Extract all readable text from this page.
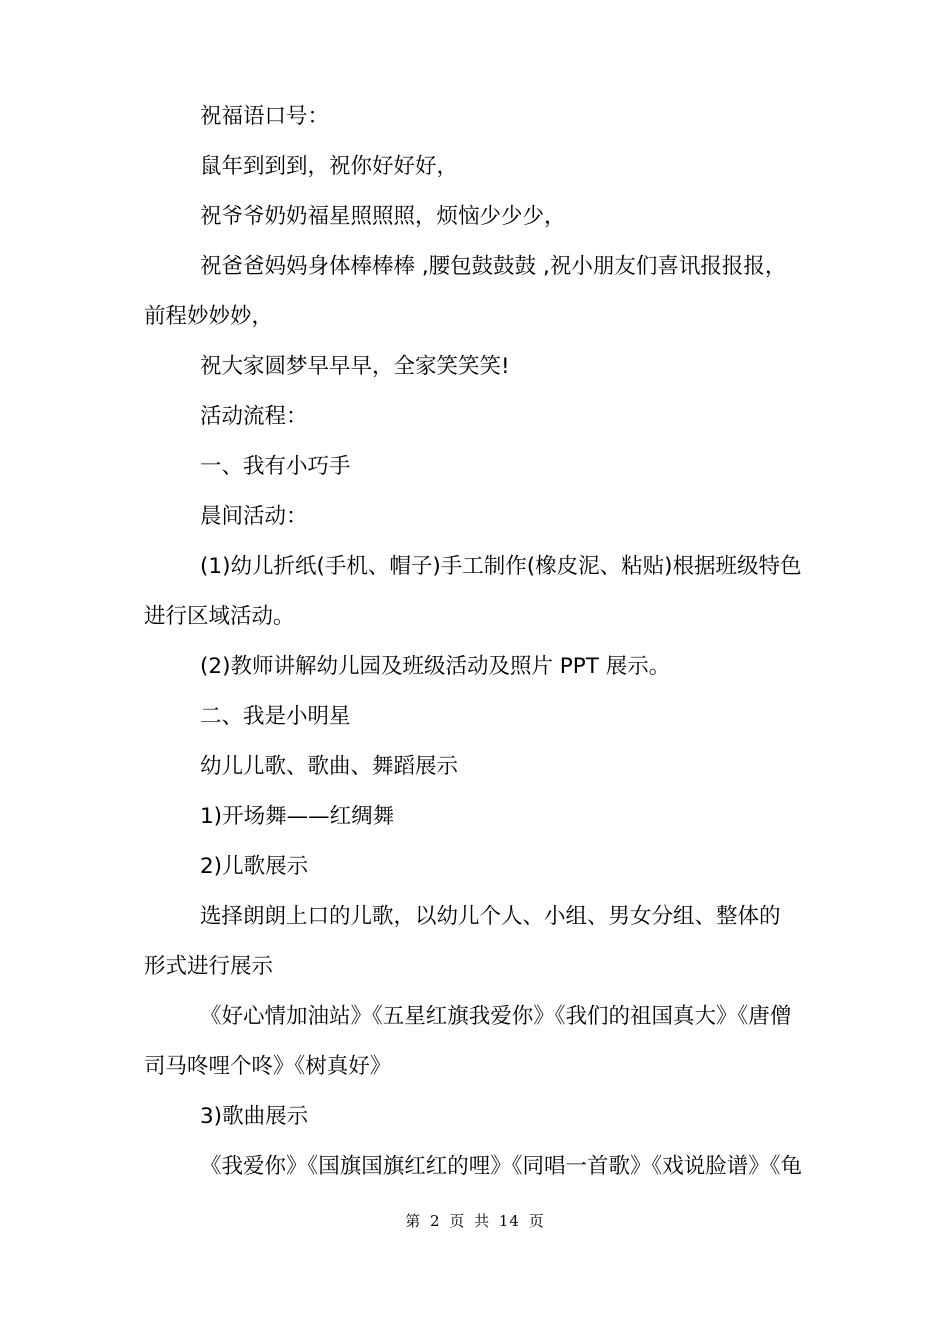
祝福语口号：
鼠年到到到，祝你好好好，
祝爷爷奶奶福星照照照，烦恼少少少，
祝爸爸妈妈身体棒棒棒 ,腰包鼓鼓鼓 ,祝小朋友们喜讯报报报，
前程妙妙妙，
祝大家圆梦早早早，全家笑笑笑!
活动流程：
一、我有小巧手
晨间活动：
(1)幼儿折纸(手机、帽子)手工制作(橡皮泥、粘贴)根据班级特色
进行区域活动。
(2)教师讲解幼儿园及班级活动及照片 PPT 展示。
二、我是小明星
幼儿儿歌、歌曲、舞蹈展示
1)开场舞——红绸舞
2)儿歌展示
选择朗朗上口的儿歌，以幼儿个人、小组、男女分组、整体的
形式进行展示
《好心情加油站》《五星红旗我爱你》《我们的祖国真大》《唐僧
司马咚哩个咚》《树真好》
3)歌曲展示
《我爱你》《国旗国旗红红的哩》《同唱一首歌》《戏说脸谱》《龟
第 2 页 共 14 页
